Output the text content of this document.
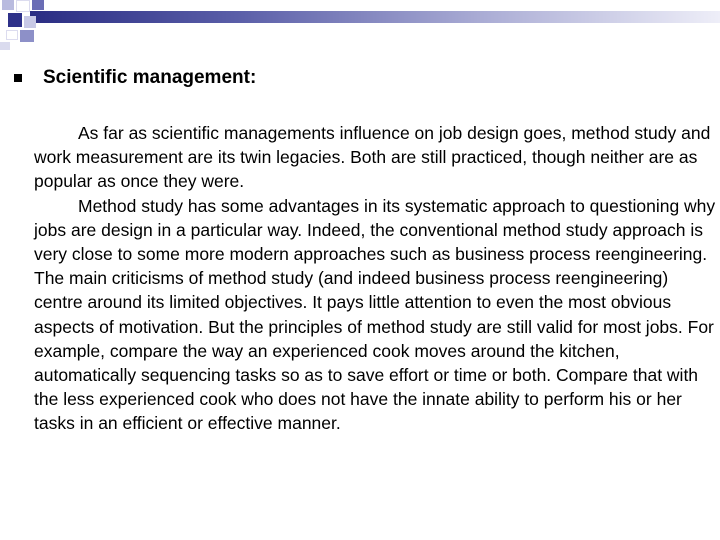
Scientific management:

As far as scientific managements influence on job design goes, method study and work measurement are its twin legacies. Both are still practiced, though neither are as popular as once they were.

Method study has some advantages in its systematic approach to questioning why jobs are design in a particular way. Indeed, the conventional method study approach is very close to some more modern approaches such as business process reengineering. The main criticisms of method study (and indeed business process reengineering) centre around its limited objectives. It pays little attention to even the most obvious aspects of motivation. But the principles of method study are still valid for most jobs. For example, compare the way an experienced cook moves around the kitchen, automatically sequencing tasks so as to save effort or time or both. Compare that with the less experienced cook who does not have the innate ability to perform his or her tasks in an efficient or effective manner.
